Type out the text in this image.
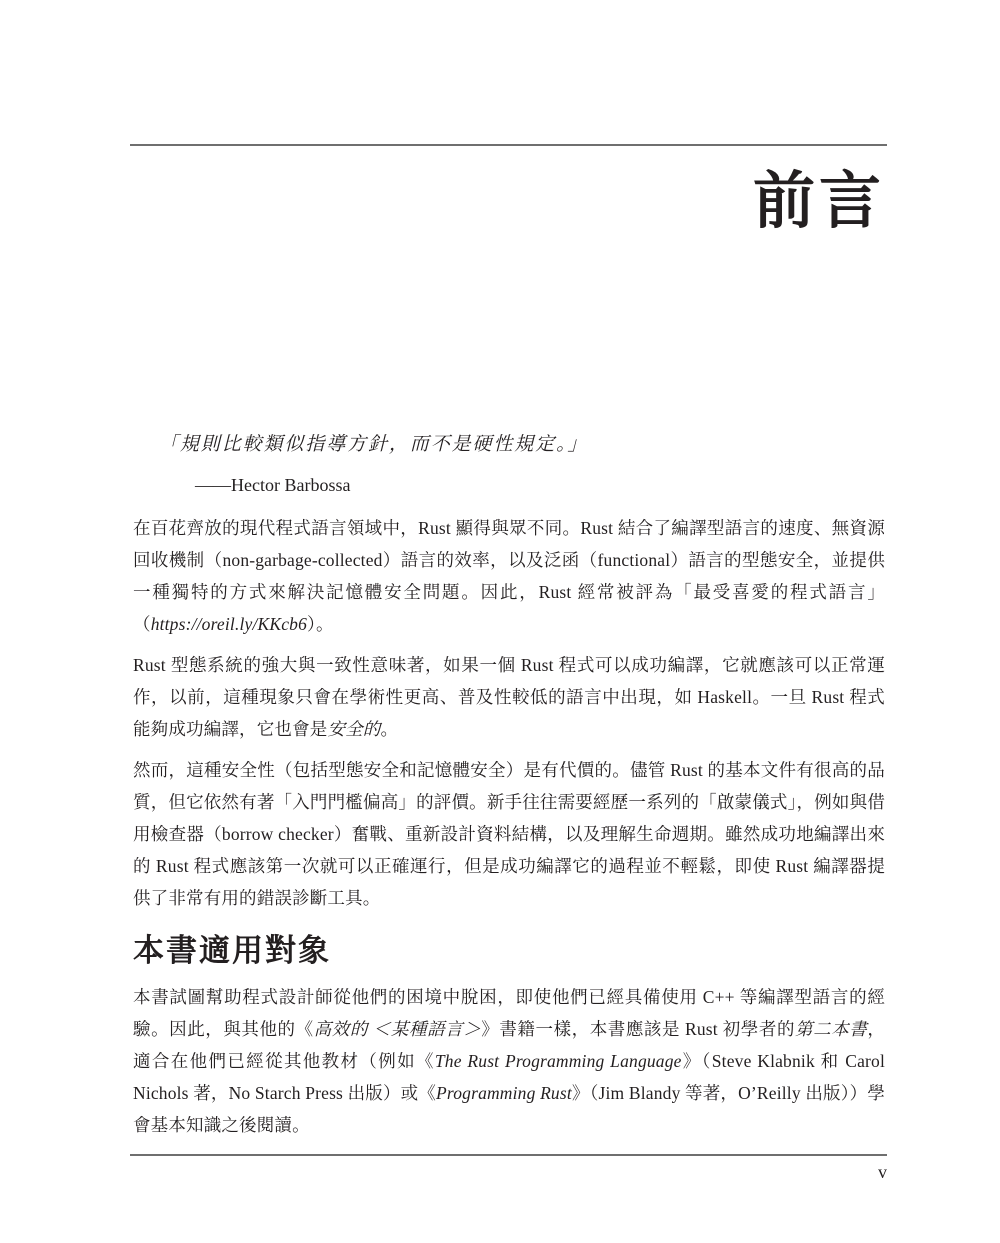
前言
「規則比較類似指導方針，而不是硬性規定。」
——Hector Barbossa

在百花齊放的現代程式語言領域中，Rust 顯得與眾不同。Rust 結合了編譯型語言的速度、無資源回收機制（non-garbage-collected）語言的效率，以及泛函（functional）語言的型態安全，並提供一種獨特的方式來解決記憶體安全問題。因此，Rust 經常被評為「最受喜愛的程式語言」（https://oreil.ly/KKcb6）。

Rust 型態系統的強大與一致性意味著，如果一個 Rust 程式可以成功編譯，它就應該可以正常運作，以前，這種現象只會在學術性更高、普及性較低的語言中出現，如 Haskell。一旦 Rust 程式能夠成功編譯，它也會是安全的。

然而，這種安全性（包括型態安全和記憶體安全）是有代價的。儘管 Rust 的基本文件有很高的品質，但它依然有著「入門門檻偏高」的評價。新手往往需要經歷一系列的「啟蒙儀式」，例如與借用檢查器（borrow checker）奮戰、重新設計資料結構，以及理解生命週期。雖然成功地編譯出來的 Rust 程式應該第一次就可以正確運行，但是成功編譯它的過程並不輕鬆，即使 Rust 編譯器提供了非常有用的錯誤診斷工具。

本書適用對象

本書試圖幫助程式設計師從他們的困境中脫困，即使他們已經具備使用 C++ 等編譯型語言的經驗。因此，與其他的《高效的 ＜某種語言＞》書籍一樣，本書應該是 Rust 初學者的第二本書，適合在他們已經從其他教材（例如《The Rust Programming Language》（Steve Klabnik 和 Carol Nichols 著，No Starch Press 出版）或《Programming Rust》（Jim Blandy 等著，O’Reilly 出版））學會基本知識之後閱讀。

v
